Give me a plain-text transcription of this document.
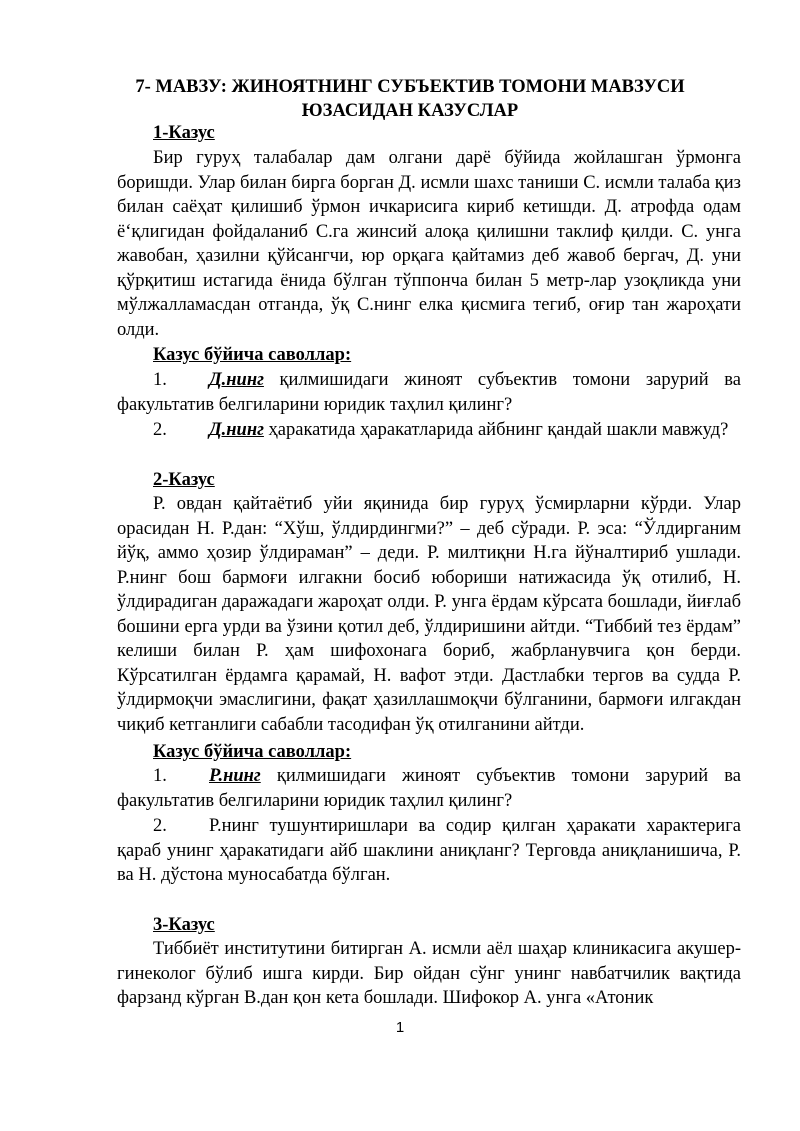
7- МАВЗУ: ЖИНОЯТНИНГ СУБЪЕКТИВ ТОМОНИ МАВЗУСИ
ЮЗАСИДАН КАЗУСЛАР

1-Казус

Бир гуруҳ талабалар дам олгани дарё бўйида жойлашган ўрмонга боришди. Улар билан бирга борган Д. исмли шахс таниши С. исмли талаба қиз билан саёҳат қилишиб ўрмон ичкарисига кириб кетишди. Д. атрофда одам ёʻқлигидан фойдаланиб С.га жинсий алоқа қилишни таклиф қилди. С. унга жавобан, ҳазилни қўйсангчи, юр орқага қайтамиз деб жавоб бергач, Д. уни қўрқитиш истагида ёнида бўлган тўппонча билан 5 метр-лар узоқликда уни мўлжалламасдан отганда, ўқ С.нинг елка қисмига тегиб, оғир тан жароҳати олди.

Казус бўйича саволлар:

1. Д.нинг қилмишидаги жиноят субъектив томони зарурий ва факультатив белгиларини юридик таҳлил қилинг?

2. Д.нинг ҳаракатида ҳаракатларида айбнинг қандай шакли мавжуд?

2-Казус

Р. овдан қайтаётиб уйи яқинида бир гуруҳ ўсмирларни кўрди. Улар орасидан Н. Р.дан: “Хўш, ўлдирдингми?” – деб сўради. Р. эса: “Ўлдирганим йўқ, аммо ҳозир ўлдираман” – деди. Р. милтиқни Н.га йўналтириб ушлади. Р.нинг бош бармоғи илгакни босиб юбориши натижасида ўқ отилиб, Н. ўлдирадиган даражадаги жароҳат олди. Р. унга ёрдам кўрсата бошлади, йиғлаб бошини ерга урди ва ўзини қотил деб, ўлдиришини айтди. “Тиббий тез ёрдам” келиши билан Р. ҳам шифохонага бориб, жабрланувчига қон берди. Кўрсатилган ёрдамга қарамай, Н. вафот этди. Дастлабки тергов ва судда Р. ўлдирмоқчи эмаслигини, фақат ҳазиллашмоқчи бўлганини, бармоғи илгакдан чиқиб кетганлиги сабабли тасодифан ўқ отилганини айтди.

Казус бўйича саволлар:

1. Р.нинг қилмишидаги жиноят субъектив томони зарурий ва факультатив белгиларини юридик таҳлил қилинг?

2. Р.нинг тушунтиришлари ва содир қилган ҳаракати характерига қараб унинг ҳаракатидаги айб шаклини аниқланг? Терговда аниқланишича, Р. ва Н. дўстона муносабатда бўлган.

3-Казус

Тиббиёт институтини битирган А. исмли аёл шаҳар клиникасига акушер-гинеколог бўлиб ишга кирди. Бир ойдан сўнг унинг навбатчилик вақтида фарзанд кўрган В.дан қон кета бошлади. Шифокор А. унга «Атоник

1
